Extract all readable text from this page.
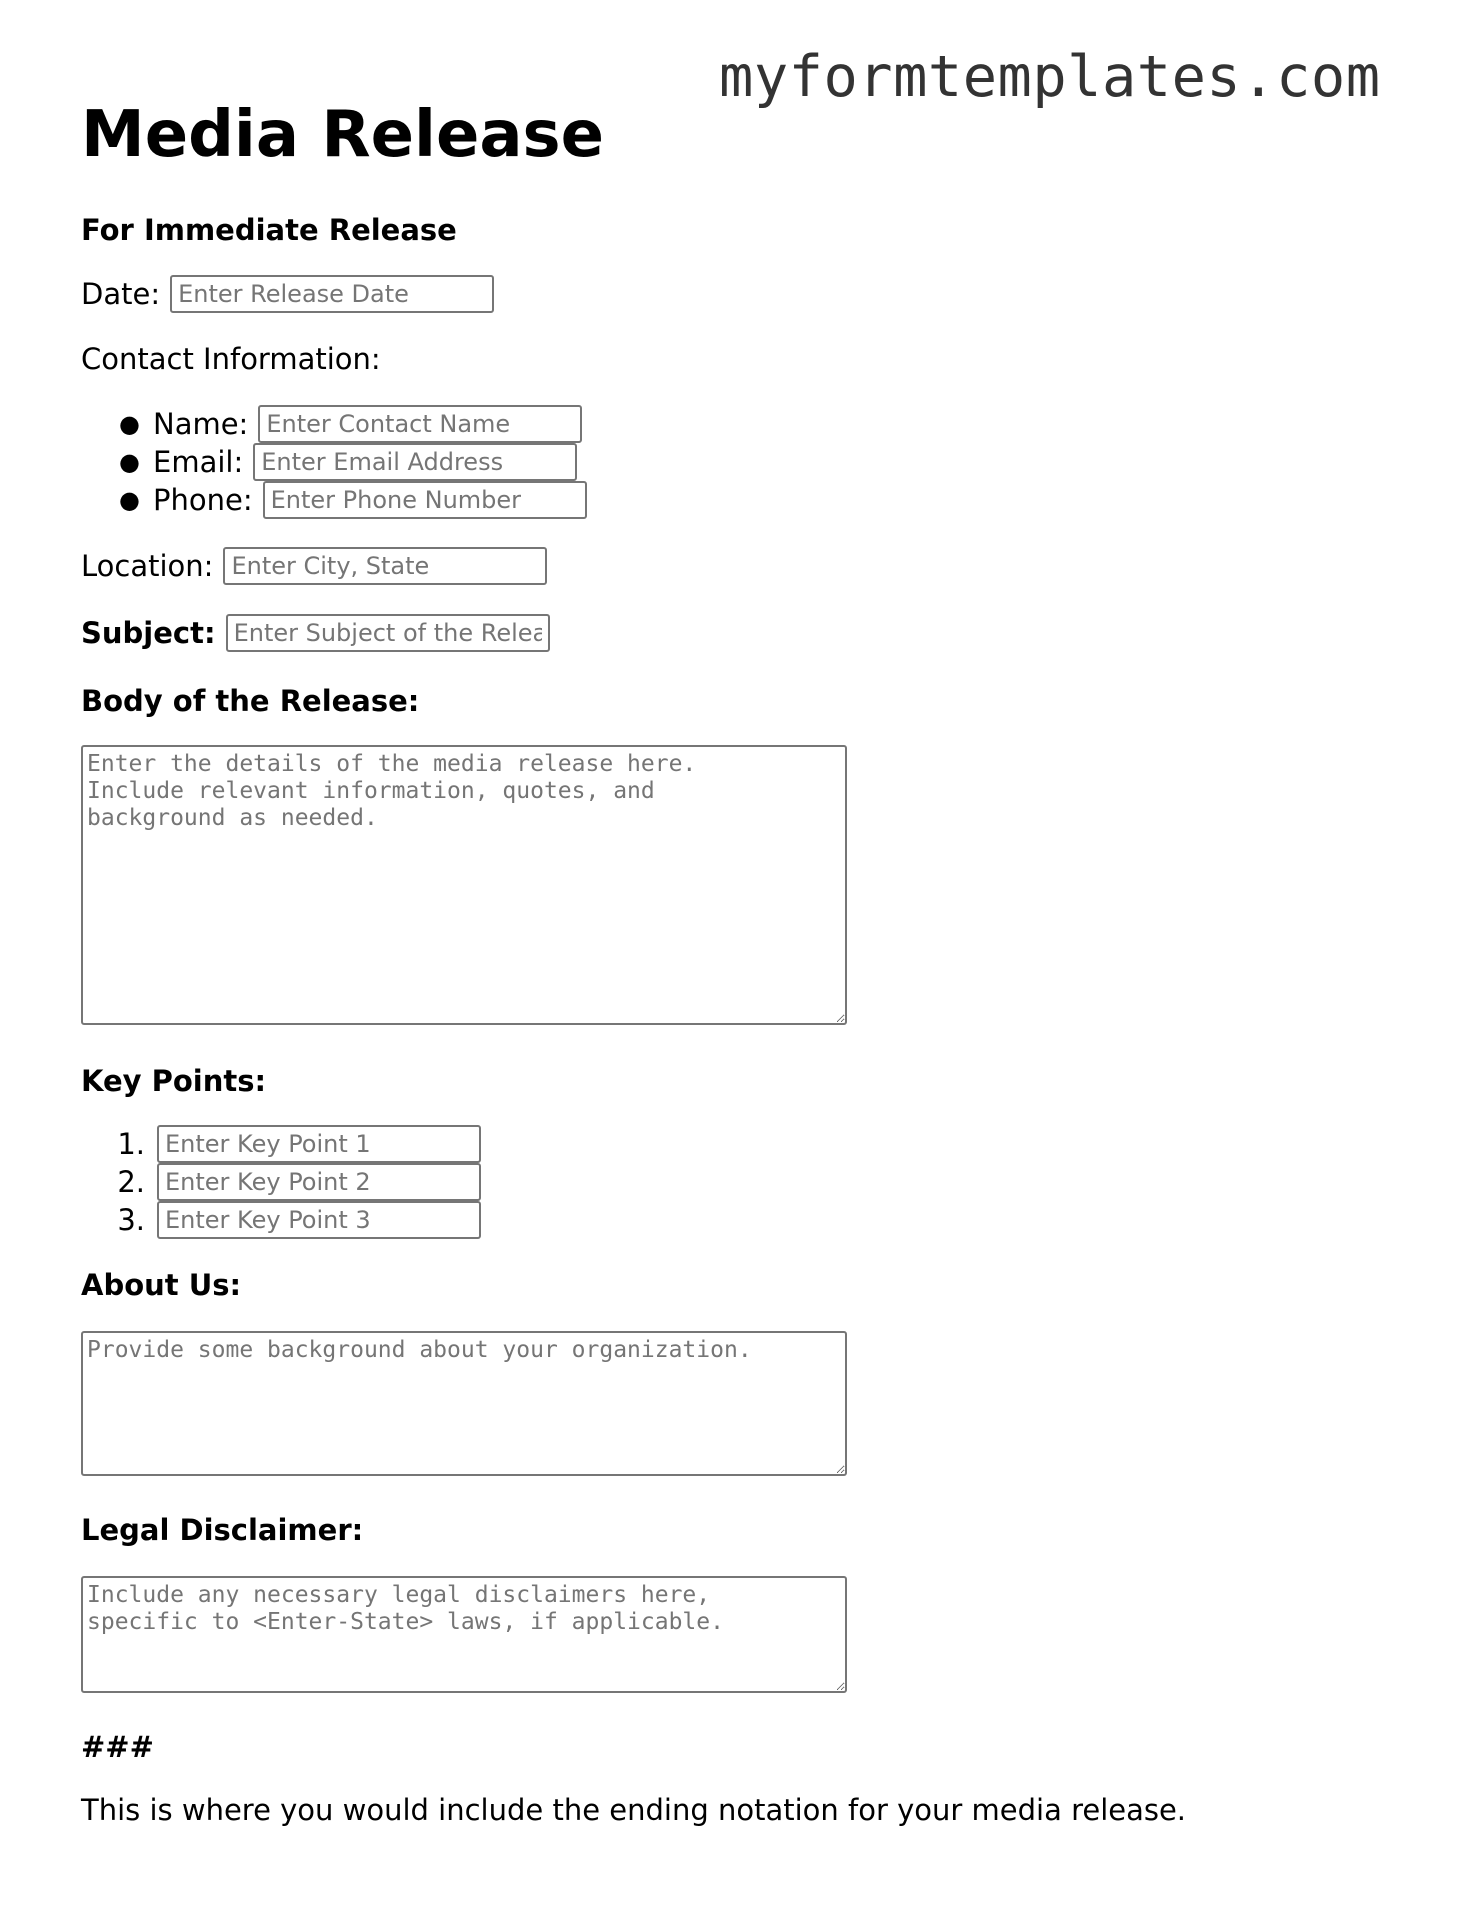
myformtemplates.com
Media Release
For Immediate Release
Date:
Enter Release Date
Contact Information:
● Name:
Enter Contact Name
● Email:
Enter Email Address
● Phone:
Enter Phone Number
Location:
Enter City, State
Subject:
Enter Subject of the Release
Body of the Release:
Enter the details of the media release here. Include relevant information, quotes, and background as needed.
Key Points:
1.
Enter Key Point 1
2.
Enter Key Point 2
3.
Enter Key Point 3
About Us:
Provide some background about your organization.
Legal Disclaimer:
Include any necessary legal disclaimers here, specific to <Enter-State> laws, if applicable.
###
This is where you would include the ending notation for your media release.
